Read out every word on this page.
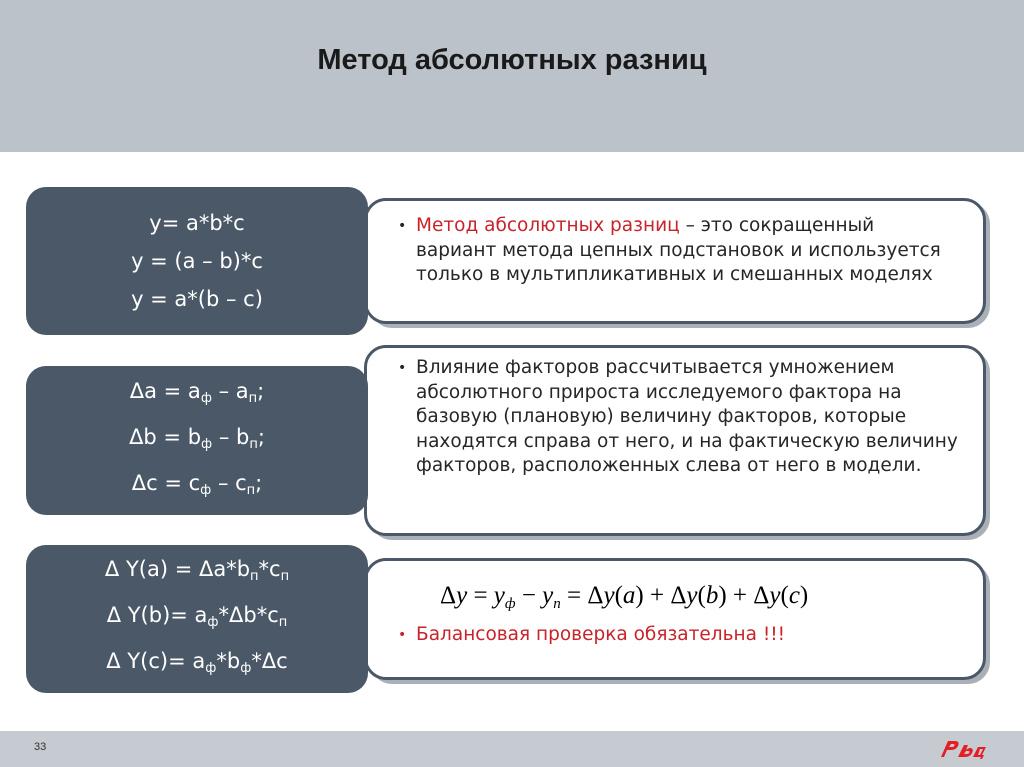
Метод абсолютных разниц
y= a*b*c
y = (a – b)*c
y = a*(b – c)
$\Delta a = a_ф - a_п$;
$\Delta b = b_ф - b_п$;
$\Delta c = c_ф - c_п$;
Δ $Y(a) = \Delta a*b_п*c_п$
Δ $Y(b)= a_ф*\Delta b*c_п$
Δ $Y(c)= a_ф*b_ф*\Delta c$
• Метод абсолютных разниц – это сокращенный вариант метода цепных подстановок и используется только в мультипликативных и смешанных моделях
• Влияние факторов рассчитывается умножением абсолютного прироста исследуемого фактора на базовую (плановую) величину факторов, которые находятся справа от него, и на фактическую величину факторов, расположенных слева от него в модели.
$\Delta y = y_ф - y_n = \Delta y(a) + \Delta y(b) + \Delta y(c)$
• Балансовая проверка обязательна !!!
33
